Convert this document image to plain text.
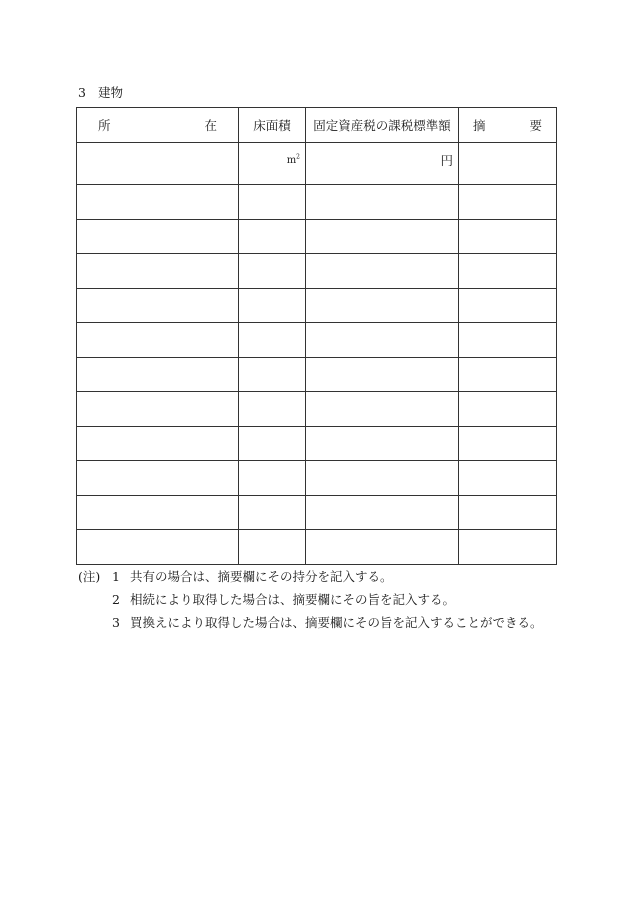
3 建物
所 在	床面積	固定資産税の課税標準額	摘 要

	$m^2$	円	

(注) 1 共有の場合は、摘要欄にその持分を記入する。
2 相続により取得した場合は、摘要欄にその旨を記入する。
3 買換えにより取得した場合は、摘要欄にその旨を記入することができる。
